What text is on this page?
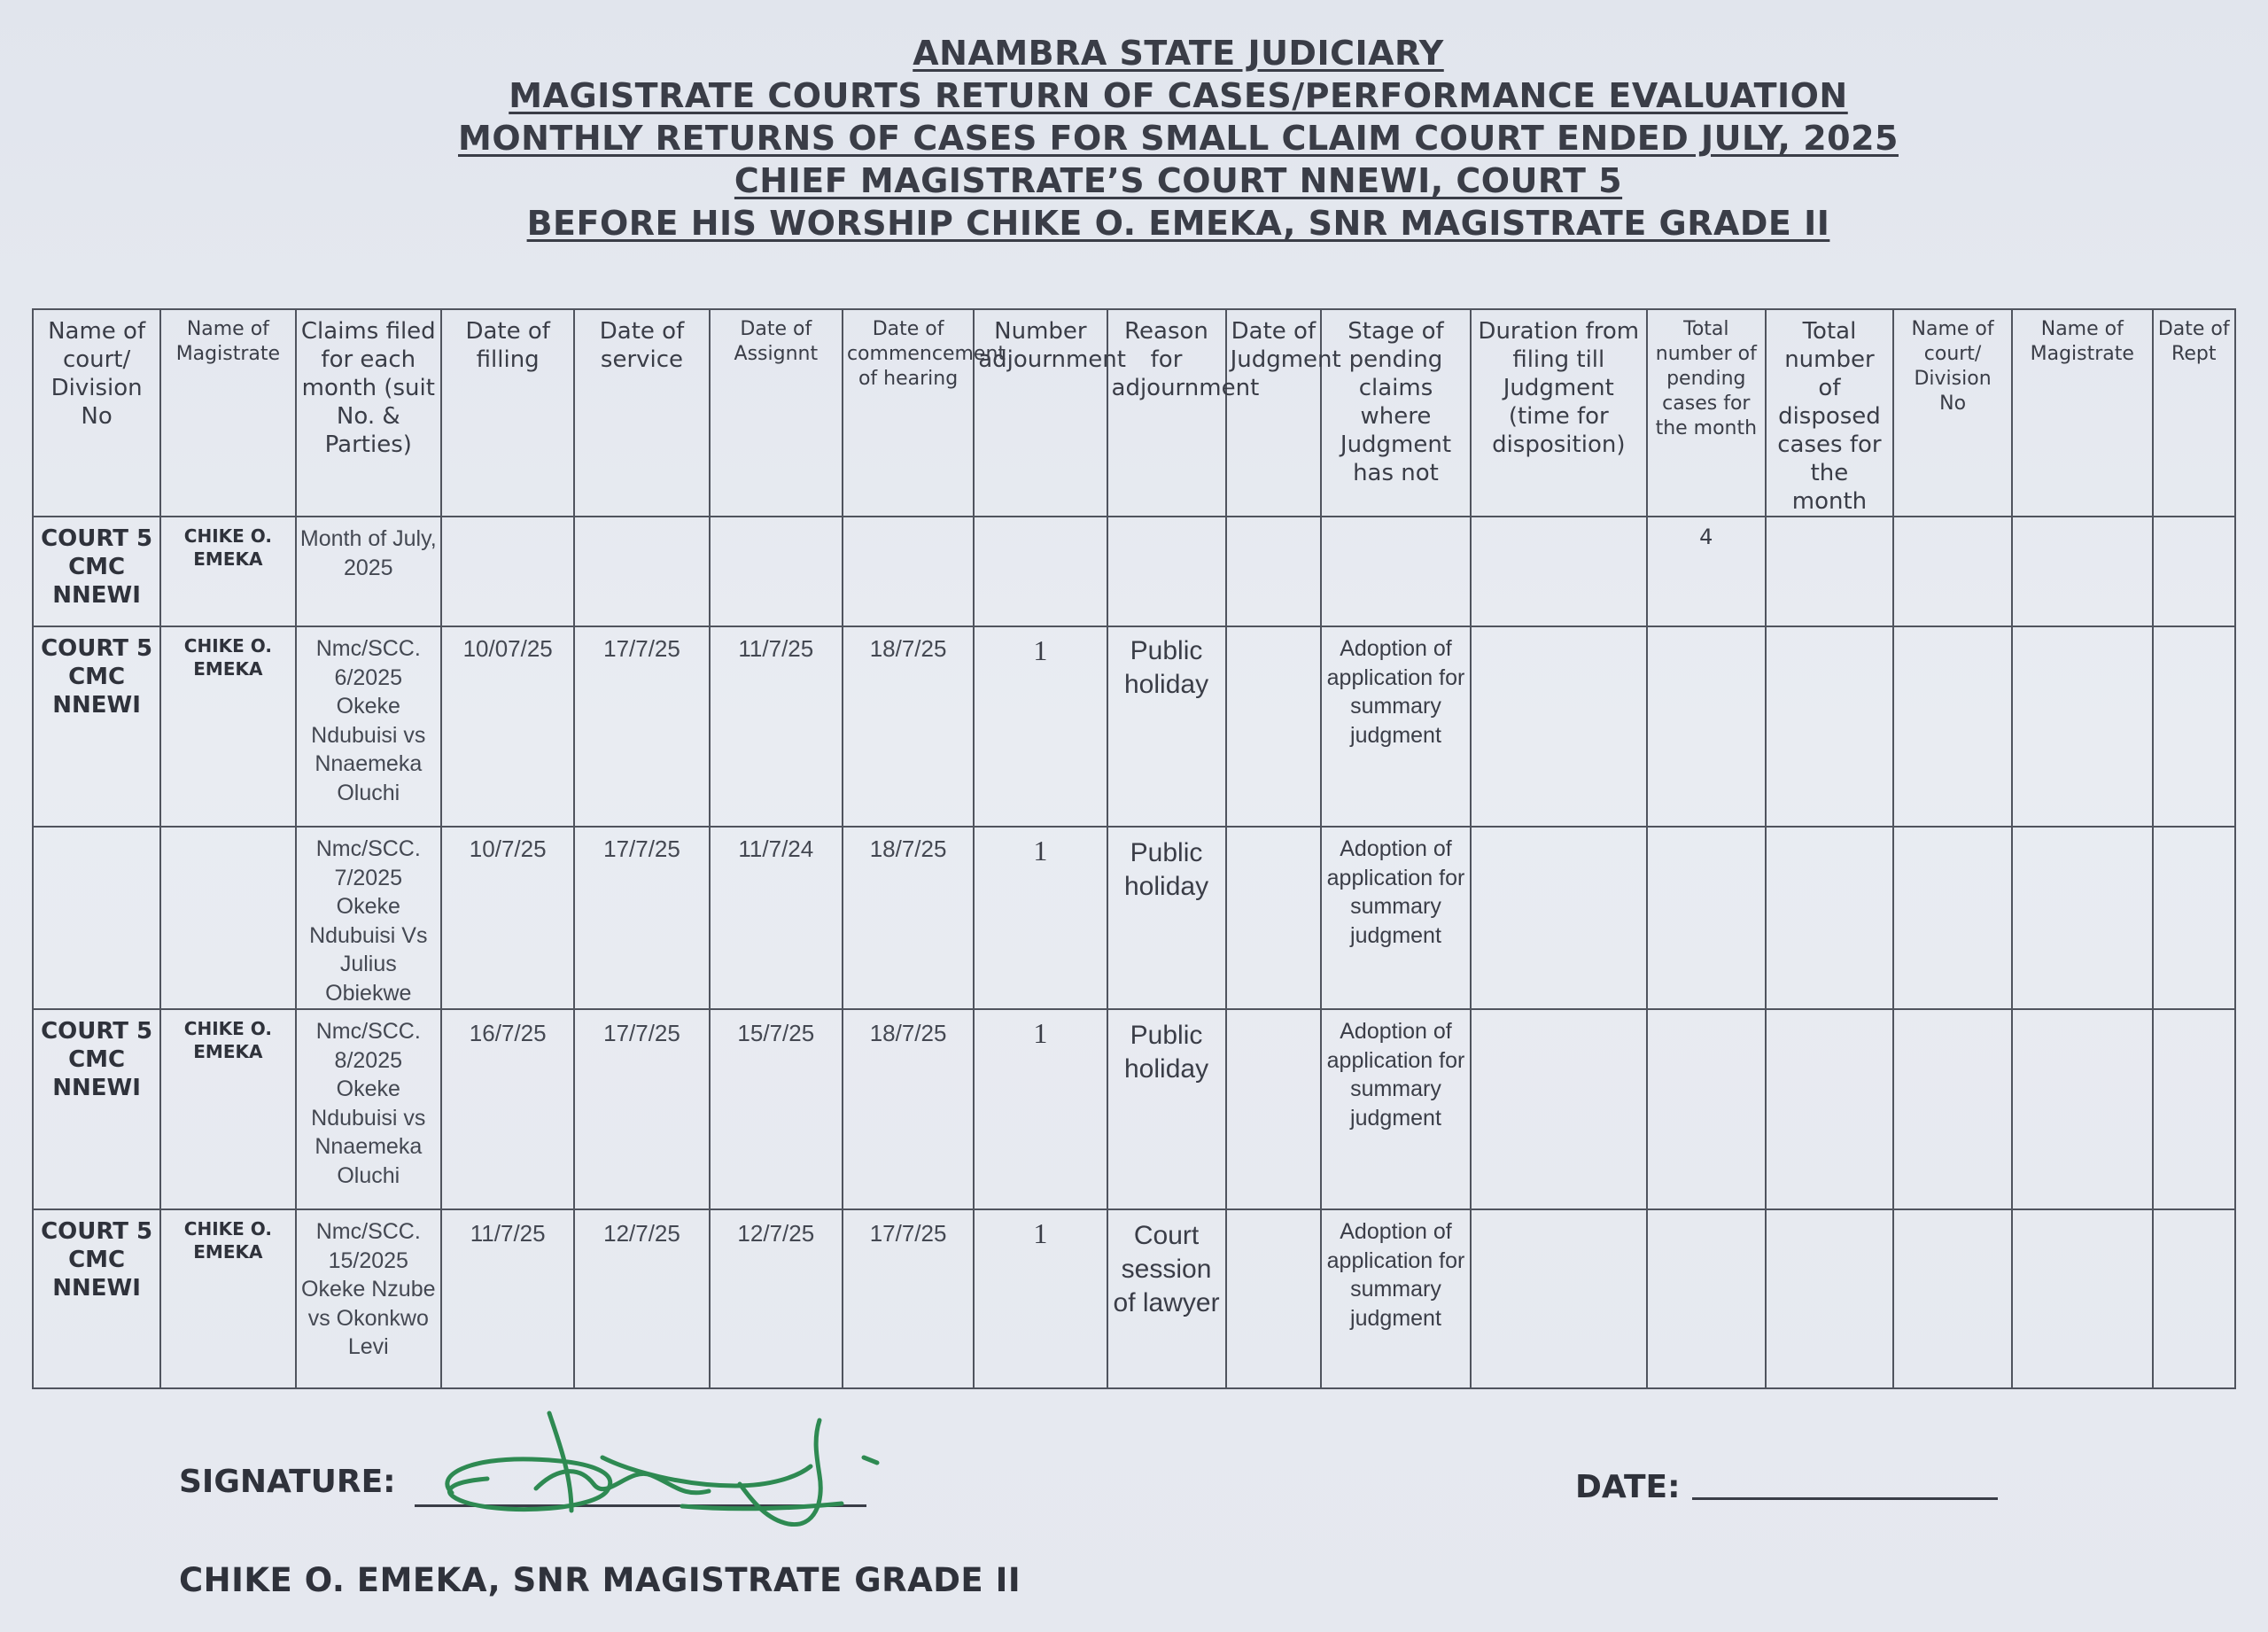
ANAMBRA STATE JUDICIARY
MAGISTRATE COURTS RETURN OF CASES/PERFORMANCE EVALUATION
MONTHLY RETURNS OF CASES FOR SMALL CLAIM COURT ENDED JULY, 2025
CHIEF MAGISTRATE’S COURT NNEWI, COURT 5
BEFORE HIS WORSHIP CHIKE O. EMEKA, SNR MAGISTRATE GRADE II
Name of court/ Division No	Name of Magistrate	Claims filed for each month (suit No. & Parties)	Date of filling	Date of service	Date of Assignnt	Date of commencement of hearing	Number adjournment	Reason for adjournment	Date of Judgment	Stage of pending claims where Judgment has not	Duration from filing till Judgment (time for disposition)	Total number of pending cases for the month	Total number of disposed cases for the month	Name of court/ Division No	Name of Magistrate	Date of Rept
COURT 5 CMC NNEWI	CHIKE O. EMEKA	Month of July, 2025										4				
COURT 5 CMC NNEWI	CHIKE O. EMEKA	Nmc/SCC. 6/2025 Okeke Ndubuisi vs Nnaemeka Oluchi	10/07/25	17/7/25	11/7/25	18/7/25	1	Public holiday		Adoption of application for summary judgment						
		Nmc/SCC. 7/2025 Okeke Ndubuisi Vs Julius Obiekwe	10/7/25	17/7/25	11/7/24	18/7/25	1	Public holiday		Adoption of application for summary judgment						
COURT 5 CMC NNEWI	CHIKE O. EMEKA	Nmc/SCC. 8/2025 Okeke Ndubuisi vs Nnaemeka Oluchi	16/7/25	17/7/25	15/7/25	18/7/25	1	Public holiday		Adoption of application for summary judgment						
COURT 5 CMC NNEWI	CHIKE O. EMEKA	Nmc/SCC. 15/2025 Okeke Nzube vs Okonkwo Levi	11/7/25	12/7/25	12/7/25	17/7/25	1	Court session of lawyer		Adoption of application for summary judgment						
SIGNATURE:	DATE:
CHIKE O. EMEKA, SNR MAGISTRATE GRADE II
